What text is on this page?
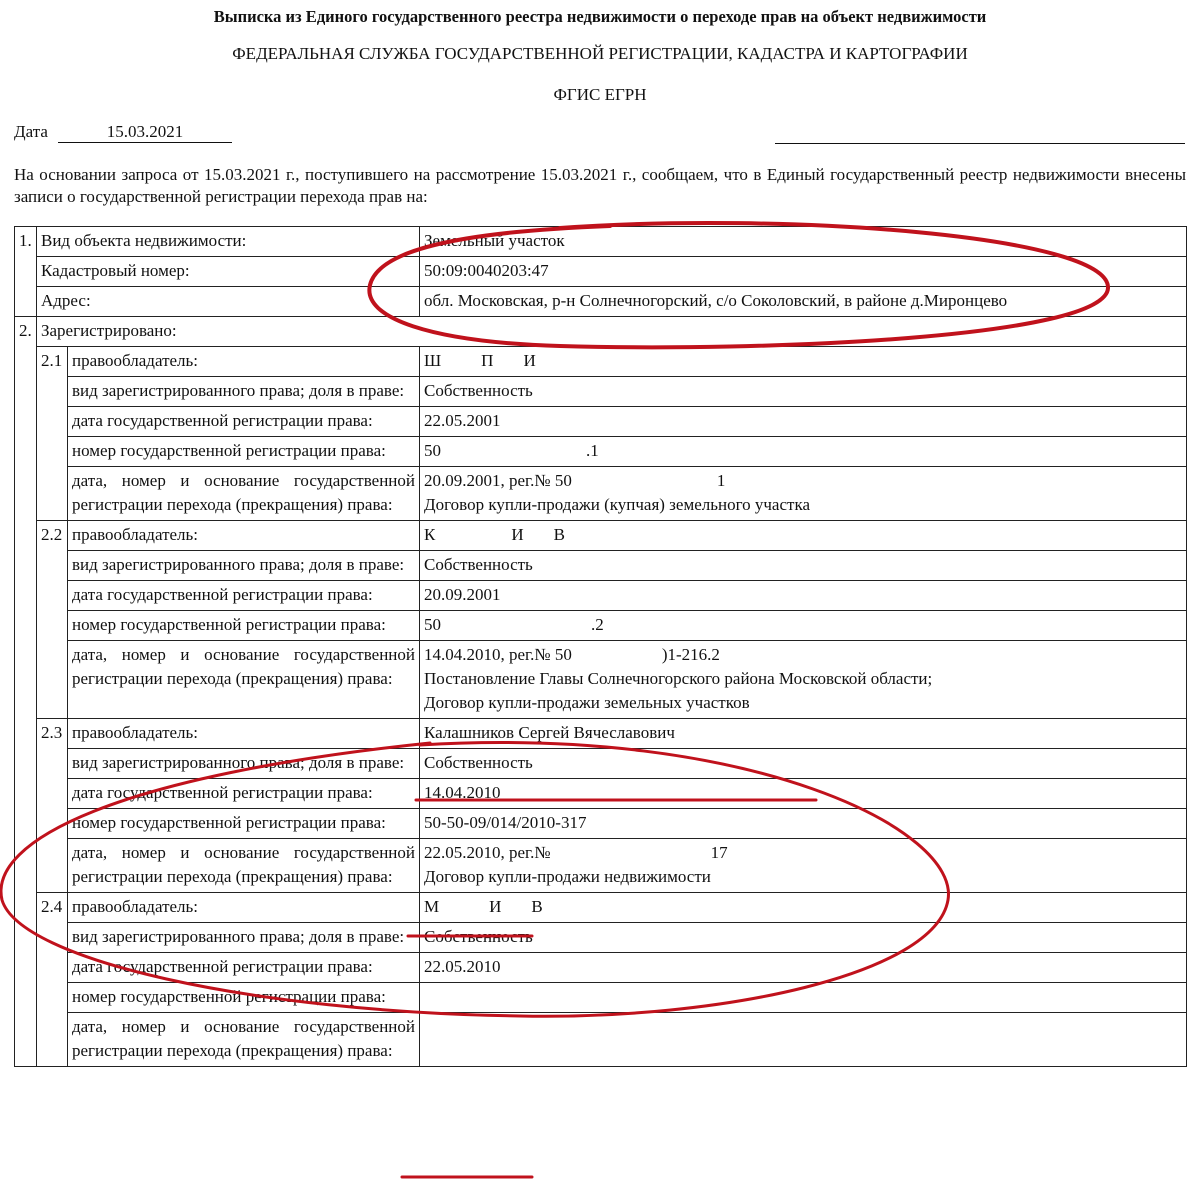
Выписка из Единого государственного реестра недвижимости о переходе прав на объект недвижимости
ФЕДЕРАЛЬНАЯ СЛУЖБА ГОСУДАРСТВЕННОЙ РЕГИСТРАЦИИ, КАДАСТРА И КАРТОГРАФИИ
ФГИС ЕГРН
Дата	15.03.2021
На основании запроса от 15.03.2021 г., поступившего на рассмотрение 15.03.2021 г., сообщаем, что в Единый государственный реестр недвижимости внесены записи о государственной регистрации перехода прав на:
1.	Вид объекта недвижимости:		Земельный участок
	Кадастровый номер:		50:09:0040203:47
	Адрес:		обл. Московская, р-н Солнечногорский, с/о Соколовский, в районе д.Миронцево
2.	Зарегистрировано:		
	2.1	правообладатель:	Ш П И
		вид зарегистрированного права; доля в праве:	Собственность
		дата государственной регистрации права:	22.05.2001
		номер государственной регистрации права:	50 .1
		дата, номер и основание государственной регистрации перехода (прекращения) права:	20.09.2001, рег.№ 50 1
Договор купли-продажи (купчая) земельного участка
	2.2	правообладатель:	К И В
		вид зарегистрированного права; доля в праве:	Собственность
		дата государственной регистрации права:	20.09.2001
		номер государственной регистрации права:	50 .2
		дата, номер и основание государственной регистрации перехода (прекращения) права:	14.04.2010, рег.№ 50 )1-216.2
Постановление Главы Солнечногорского района Московской области;
Договор купли-продажи земельных участков
	2.3	правообладатель:	Калашников Сергей Вячеславович
		вид зарегистрированного права; доля в праве:	Собственность
		дата государственной регистрации права:	14.04.2010
		номер государственной регистрации права:	50-50-09/014/2010-317
		дата, номер и основание государственной регистрации перехода (прекращения) права:	22.05.2010, рег.№ 17
Договор купли-продажи недвижимости
	2.4	правообладатель:	М И В
		вид зарегистрированного права; доля в праве:	Собственность
		дата государственной регистрации права:	22.05.2010
		номер государственной регистрации права:	
		дата, номер и основание государственной регистрации перехода (прекращения) права:	
